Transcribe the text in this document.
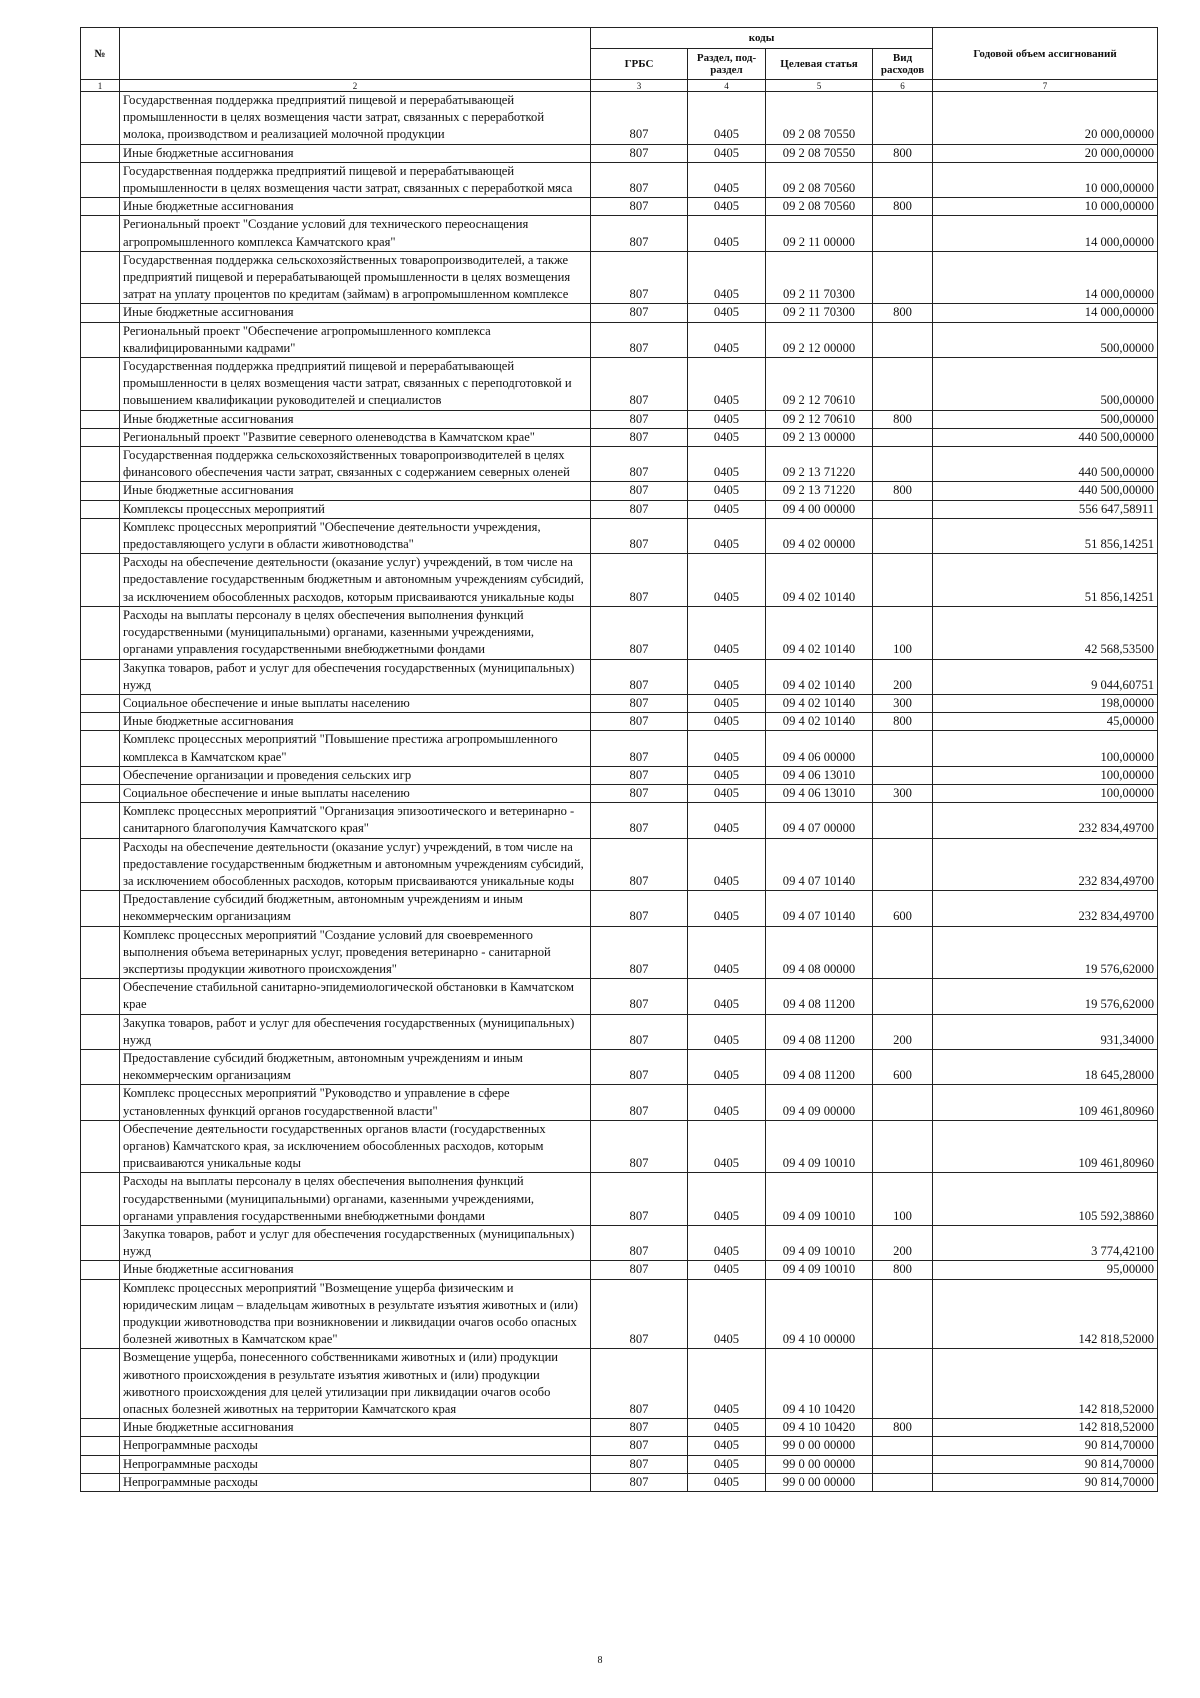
№		коды				Годовой объем ассигнований
		ГРБС	Раздел, под-раздел	Целевая статья	Вид расходов	
1	2	3	4	5	6	7
	Государственная поддержка предприятий пищевой и перерабатывающей промышленности в целях возмещения части затрат, связанных с переработкой молока, производством и реализацией молочной продукции	807	0405	09 2 08 70550		20 000,00000
	Иные бюджетные ассигнования	807	0405	09 2 08 70550	800	20 000,00000
	Государственная поддержка предприятий пищевой и перерабатывающей промышленности в целях возмещения части затрат, связанных с переработкой мяса	807	0405	09 2 08 70560		10 000,00000
	Иные бюджетные ассигнования	807	0405	09 2 08 70560	800	10 000,00000
	Региональный проект "Создание условий для технического переоснащения агропромышленного комплекса Камчатского края"	807	0405	09 2 11 00000		14 000,00000
	Государственная поддержка сельскохозяйственных товаропроизводителей, а также предприятий пищевой и перерабатывающей промышленности в целях возмещения затрат на уплату процентов по кредитам (займам) в агропромышленном комплексе	807	0405	09 2 11 70300		14 000,00000
	Иные бюджетные ассигнования	807	0405	09 2 11 70300	800	14 000,00000
	Региональный проект "Обеспечение агропромышленного комплекса квалифицированными кадрами"	807	0405	09 2 12 00000		500,00000
	Государственная поддержка предприятий пищевой и перерабатывающей промышленности в целях возмещения части затрат, связанных с переподготовкой и повышением квалификации руководителей и специалистов	807	0405	09 2 12 70610		500,00000
	Иные бюджетные ассигнования	807	0405	09 2 12 70610	800	500,00000
	Региональный проект "Развитие северного оленеводства в Камчатском крае"	807	0405	09 2 13 00000		440 500,00000
	Государственная поддержка сельскохозяйственных товаропроизводителей в целях финансового обеспечения части затрат, связанных с содержанием северных оленей	807	0405	09 2 13 71220		440 500,00000
	Иные бюджетные ассигнования	807	0405	09 2 13 71220	800	440 500,00000
	Комплексы процессных мероприятий	807	0405	09 4 00 00000		556 647,58911
	Комплекс процессных мероприятий "Обеспечение деятельности учреждения, предоставляющего услуги в области животноводства"	807	0405	09 4 02 00000		51 856,14251
	Расходы на обеспечение деятельности (оказание услуг) учреждений, в том числе на предоставление государственным бюджетным и автономным учреждениям субсидий, за исключением обособленных расходов, которым присваиваются уникальные коды	807	0405	09 4 02 10140		51 856,14251
	Расходы на выплаты персоналу в целях обеспечения выполнения функций государственными (муниципальными) органами, казенными учреждениями, органами управления государственными внебюджетными фондами	807	0405	09 4 02 10140	100	42 568,53500
	Закупка товаров, работ и услуг для обеспечения государственных (муниципальных) нужд	807	0405	09 4 02 10140	200	9 044,60751
	Социальное обеспечение и иные выплаты населению	807	0405	09 4 02 10140	300	198,00000
	Иные бюджетные ассигнования	807	0405	09 4 02 10140	800	45,00000
	Комплекс процессных мероприятий "Повышение престижа агропромышленного комплекса в Камчатском крае"	807	0405	09 4 06 00000		100,00000
	Обеспечение организации и проведения сельских игр	807	0405	09 4 06 13010		100,00000
	Социальное обеспечение и иные выплаты населению	807	0405	09 4 06 13010	300	100,00000
	Комплекс процессных мероприятий "Организация эпизоотического и ветеринарно - санитарного благополучия Камчатского края"	807	0405	09 4 07 00000		232 834,49700
	Расходы на обеспечение деятельности (оказание услуг) учреждений, в том числе на предоставление государственным бюджетным и автономным учреждениям субсидий, за исключением обособленных расходов, которым присваиваются уникальные коды	807	0405	09 4 07 10140		232 834,49700
	Предоставление субсидий бюджетным, автономным учреждениям и иным некоммерческим организациям	807	0405	09 4 07 10140	600	232 834,49700
	Комплекс процессных мероприятий "Создание условий для своевременного выполнения объема ветеринарных услуг, проведения ветеринарно - санитарной экспертизы продукции животного происхождения"	807	0405	09 4 08 00000		19 576,62000
	Обеспечение стабильной санитарно-эпидемиологической обстановки в Камчатском крае	807	0405	09 4 08 11200		19 576,62000
	Закупка товаров, работ и услуг для обеспечения государственных (муниципальных) нужд	807	0405	09 4 08 11200	200	931,34000
	Предоставление субсидий бюджетным, автономным учреждениям и иным некоммерческим организациям	807	0405	09 4 08 11200	600	18 645,28000
	Комплекс процессных мероприятий "Руководство и управление в сфере установленных функций органов государственной власти"	807	0405	09 4 09 00000		109 461,80960
	Обеспечение деятельности государственных органов власти (государственных органов) Камчатского края, за исключением обособленных расходов, которым присваиваются уникальные коды	807	0405	09 4 09 10010		109 461,80960
	Расходы на выплаты персоналу в целях обеспечения выполнения функций государственными (муниципальными) органами, казенными учреждениями, органами управления государственными внебюджетными фондами	807	0405	09 4 09 10010	100	105 592,38860
	Закупка товаров, работ и услуг для обеспечения государственных (муниципальных) нужд	807	0405	09 4 09 10010	200	3 774,42100
	Иные бюджетные ассигнования	807	0405	09 4 09 10010	800	95,00000
	Комплекс процессных мероприятий "Возмещение ущерба физическим и юридическим лицам – владельцам животных в результате изъятия животных и (или) продукции животноводства при возникновении и ликвидации очагов особо опасных болезней животных в Камчатском крае"	807	0405	09 4 10 00000		142 818,52000
	Возмещение ущерба, понесенного собственниками животных и (или) продукции животного происхождения в результате изъятия животных и (или) продукции животного происхождения для целей утилизации при ликвидации очагов особо опасных болезней животных на территории Камчатского края	807	0405	09 4 10 10420		142 818,52000
	Иные бюджетные ассигнования	807	0405	09 4 10 10420	800	142 818,52000
	Непрограммные расходы	807	0405	99 0 00 00000		90 814,70000
	Непрограммные расходы	807	0405	99 0 00 00000		90 814,70000
	Непрограммные расходы	807	0405	99 0 00 00000		90 814,70000
8
